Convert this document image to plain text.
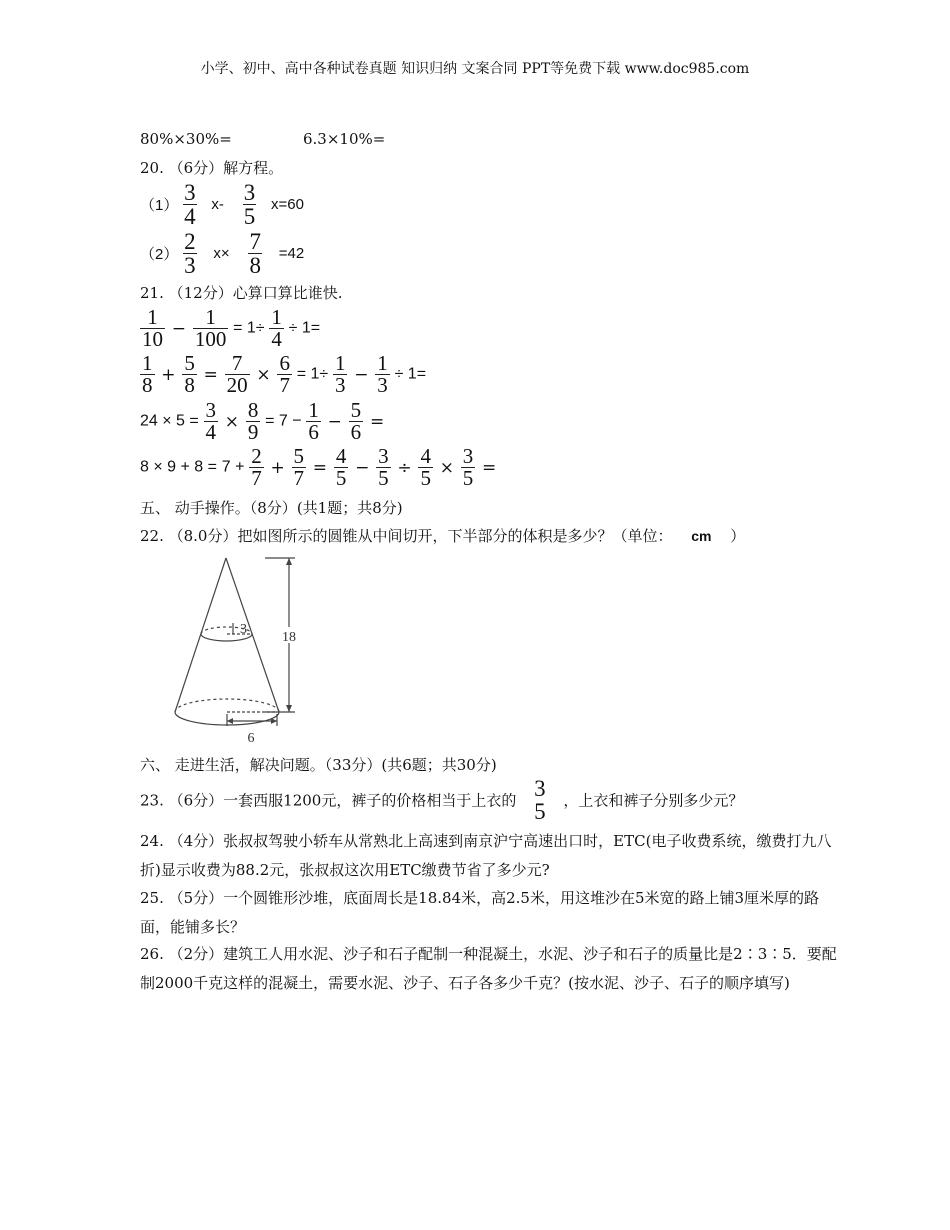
小学、初中、高中各种试卷真题 知识归纳 文案合同 PPT等免费下载 www.doc985.com
80%×30%=	6.3×10%=
20. （6分）解方程。
$(1) \frac{3}{4} x- \frac{3}{5} x=60$
$(2) \frac{2}{3} x\times \frac{7}{8} =42$
21. （12分）心算口算比谁快.
$\frac{1}{10} - \frac{1}{100} = 1\div \frac{1}{4} \div 1=$
$\frac{1}{8} + \frac{5}{8} = \frac{7}{20} \times \frac{6}{7} = 1\div \frac{1}{3} - \frac{1}{3} \div 1=$
$24 \times 5 = \frac{3}{4} \times \frac{8}{9} = 7 - \frac{1}{6} - \frac{5}{6}$ =
$8 \times 9 + 8 = 7 + \frac{2}{7} + \frac{5}{7} = \frac{4}{5} - \frac{3}{5} \div \frac{4}{5} \times \frac{3}{5}$ =
五、 动手操作。（8分）(共1题；共8分)
22. （8.0分）把如图所示的圆锥从中间切开，下半部分的体积是多少？（单位： cm ）
18
6
3
六、 走进生活，解决问题。（33分）(共6题；共30分)
23. （6分）一套西服1200元，裤子的价格相当于上衣的 3
5 ，上衣和裤子分别多少元？
24. （4分）张叔叔驾驶小轿车从常熟北上高速到南京沪宁高速出口时，ETC(电子收费系统，缴费打九八折)显示收费为88.2元，张叔叔这次用ETC缴费节省了多少元?
25. （5分）一个圆锥形沙堆，底面周长是18.84米，高2.5米，用这堆沙在5米宽的路上铺3厘米厚的路面，能铺多长？
26. （2分）建筑工人用水泥、沙子和石子配制一种混凝土，水泥、沙子和石子的质量比是2∶3∶5．要配制2000千克这样的混凝土，需要水泥、沙子、石子各多少千克？(按水泥、沙子、石子的顺序填写)
